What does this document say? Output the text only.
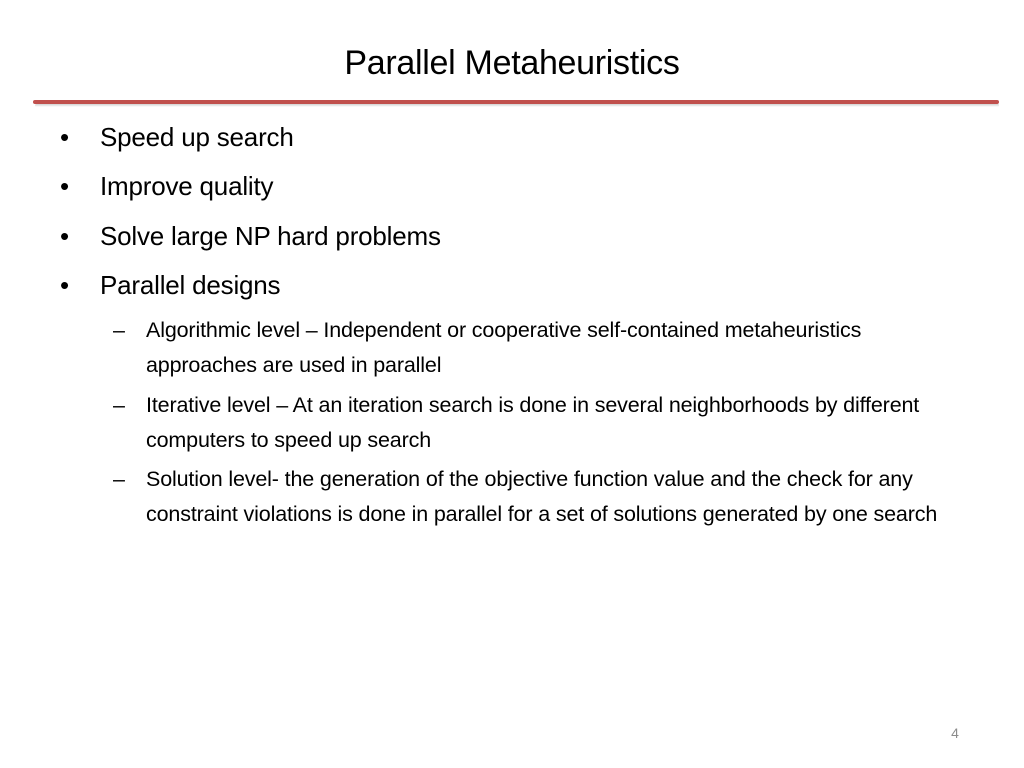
Parallel Metaheuristics
•	Speed up search
•	Improve quality
•	Solve large NP hard problems
•	Parallel designs
– Algorithmic level – Independent or cooperative self-contained metaheuristics approaches are used in parallel
– Iterative level – At an iteration search is done in several neighborhoods by different computers to speed up search
– Solution level- the generation of the objective function value and the check for any constraint violations is done in parallel for a set of solutions generated by one search
4
